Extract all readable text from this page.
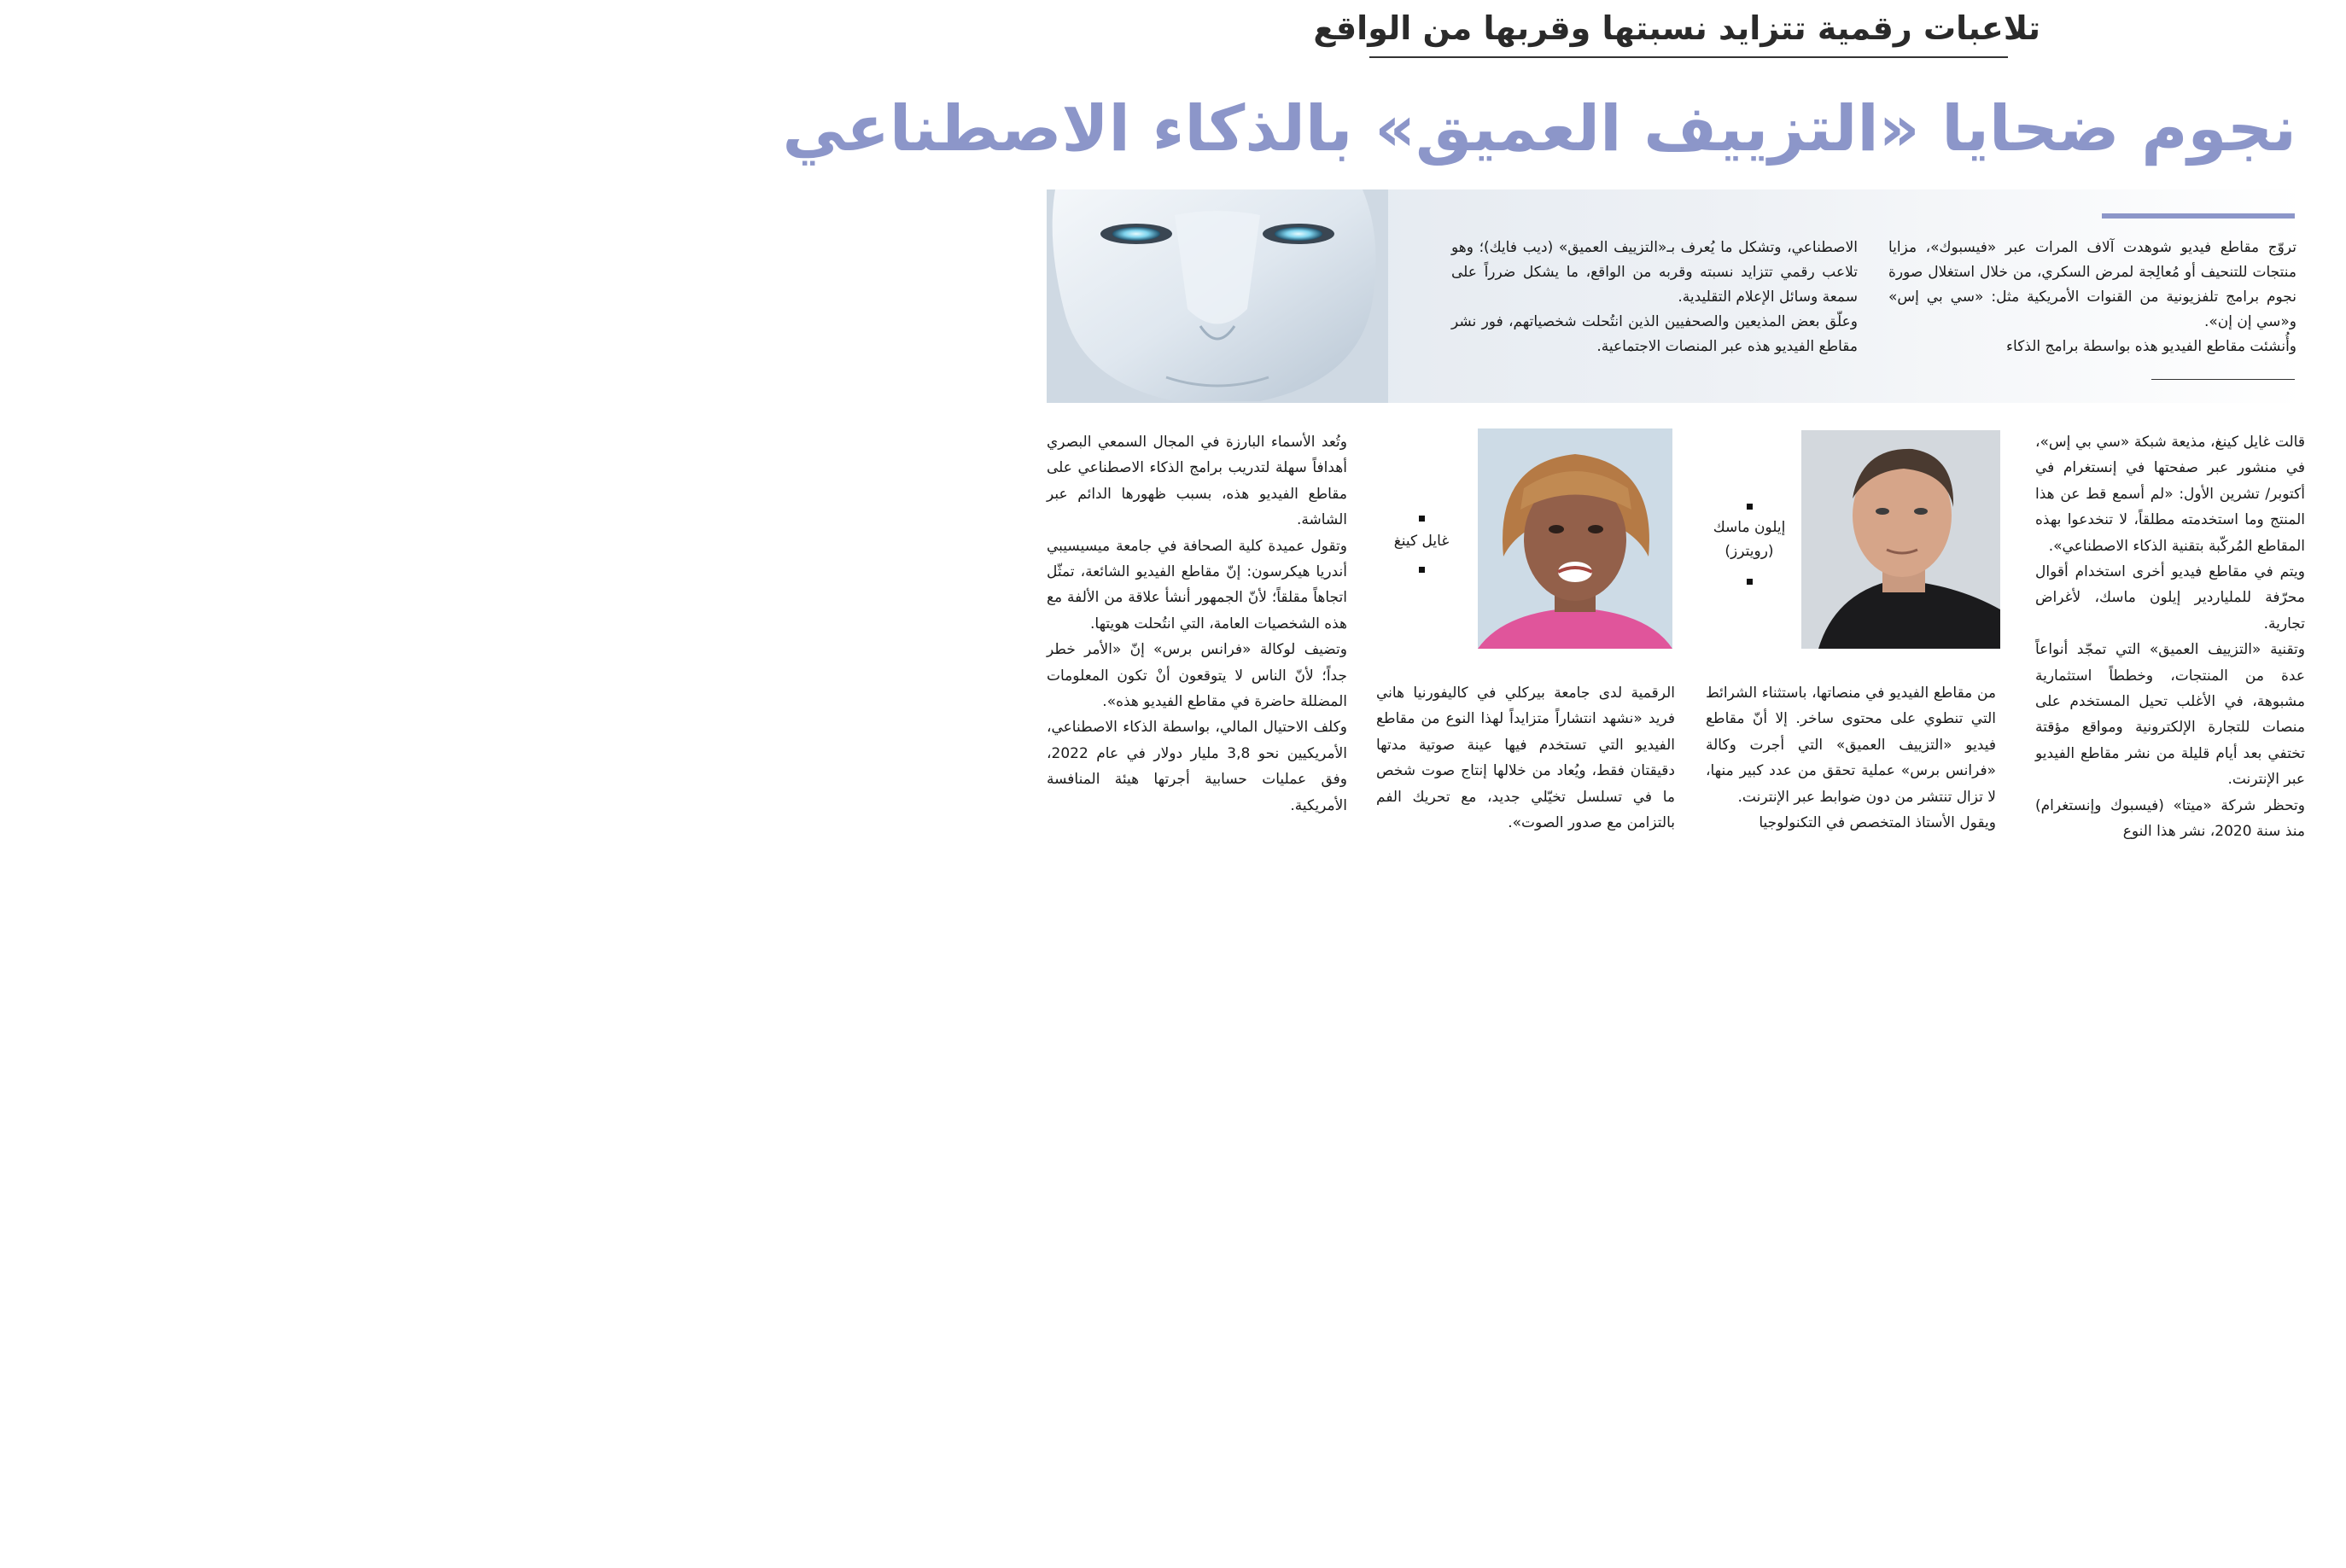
تلاعبات رقمية تتزايد نسبتها وقربها من الواقع
نجوم ضحايا «التزييف العميق» بالذكاء الاصطناعي

تروّج مقاطع فيديو شوهدت آلاف المرات عبر «فيسبوك»، مزايا منتجات للتنحيف أو مُعالِجة لمرض السكري، من خلال استغلال صورة نجوم برامج تلفزيونية من القنوات الأمريكية مثل: «سي بي إس» و«سي إن إن».

وأُنشئت مقاطع الفيديو هذه بواسطة برامج الذكاء

الاصطناعي، وتشكل ما يُعرف بـ«التزييف العميق» (ديب فايك)؛ وهو تلاعب رقمي تتزايد نسبته وقربه من الواقع، ما يشكل ضرراً على سمعة وسائل الإعلام التقليدية.

وعلّق بعض المذيعين والصحفيين الذين انتُحلت شخصياتهم، فور نشر مقاطع الفيديو هذه عبر المنصات الاجتماعية.

قالت غايل كينغ، مذيعة شبكة «سي بي إس»، في منشور عبر صفحتها في إنستغرام في أكتوبر/ تشرين الأول: «لم أسمع قط عن هذا المنتج وما استخدمته مطلقاً، لا تنخدعوا بهذه المقاطع المُركّبة بتقنية الذكاء الاصطناعي».

ويتم في مقاطع فيديو أخرى استخدام أقوال محرّفة للملياردير إيلون ماسك، لأغراض تجارية.

وتقنية «التزييف العميق» التي تمجّد أنواعاً عدة من المنتجات، وخططاً استثمارية مشبوهة، في الأغلب تحيل المستخدم على منصات للتجارة الإلكترونية ومواقع مؤقتة تختفي بعد أيام قليلة من نشر مقاطع الفيديو عبر الإنترنت.

وتحظر شركة «ميتا» (فيسبوك وإنستغرام) منذ سنة 2020، نشر هذا النوع

وتُعد الأسماء البارزة في المجال السمعي البصري أهدافاً سهلة لتدريب برامج الذكاء الاصطناعي على مقاطع الفيديو هذه، بسبب ظهورها الدائم عبر الشاشة.

وتقول عميدة كلية الصحافة في جامعة ميسيسيبي أندريا هيكرسون: إنّ مقاطع الفيديو الشائعة، تمثّل اتجاهاً مقلقاً؛ لأنّ الجمهور أنشأ علاقة من الألفة مع هذه الشخصيات العامة، التي انتُحلت هويتها.

وتضيف لوكالة «فرانس برس» إنّ «الأمر خطر جداً؛ لأنّ الناس لا يتوقعون أنْ تكون المعلومات المضللة حاضرة في مقاطع الفيديو هذه».

وكلف الاحتيال المالي، بواسطة الذكاء الاصطناعي، الأمريكيين نحو 3,8 مليار دولار في عام 2022، وفق عمليات حسابية أجرتها هيئة المنافسة الأمريكية.

إيلون ماسك
(رويترز)
غايل كينغ

من مقاطع الفيديو في منصاتها، باستثناء الشرائط التي تنطوي على محتوى ساخر. إلا أنّ مقاطع فيديو «التزييف العميق» التي أجرت وكالة «فرانس برس» عملية تحقق من عدد كبير منها، لا تزال تنتشر من دون ضوابط عبر الإنترنت.

ويقول الأستاذ المتخصص في التكنولوجيا

الرقمية لدى جامعة بيركلي في كاليفورنيا هاني فريد «نشهد انتشاراً متزايداً لهذا النوع من مقاطع الفيديو التي تستخدم فيها عينة صوتية مدتها دقيقتان فقط، ويُعاد من خلالها إنتاج صوت شخص ما في تسلسل تخيّلي جديد، مع تحريك الفم بالتزامن مع صدور الصوت».
